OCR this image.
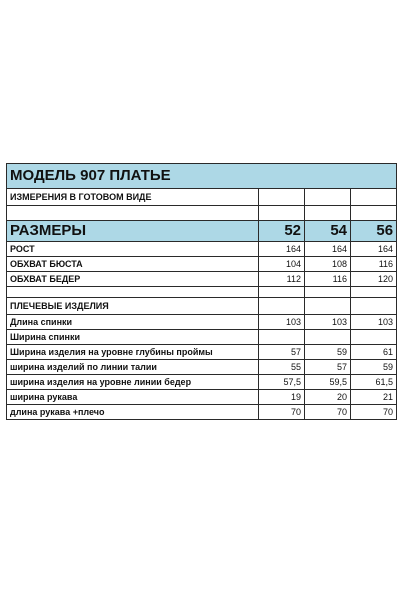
МОДЕЛЬ 907 ПЛАТЬЕ			
ИЗМЕРЕНИЯ В ГОТОВОМ ВИДЕ			

РАЗМЕРЫ	52	54	56
РОСТ	164	164	164
ОБХВАТ БЮСТА	104	108	116
ОБХВАТ БЕДЕР	112	116	120

ПЛЕЧЕВЫЕ ИЗДЕЛИЯ			
Длина спинки	103	103	103
Ширина спинки			
Ширина изделия на уровне глубины проймы	57	59	61
ширина изделий по линии талии	55	57	59
ширина изделия на уровне линии бедер	57,5	59,5	61,5
ширина рукава	19	20	21
длина рукава +плечо	70	70	70
